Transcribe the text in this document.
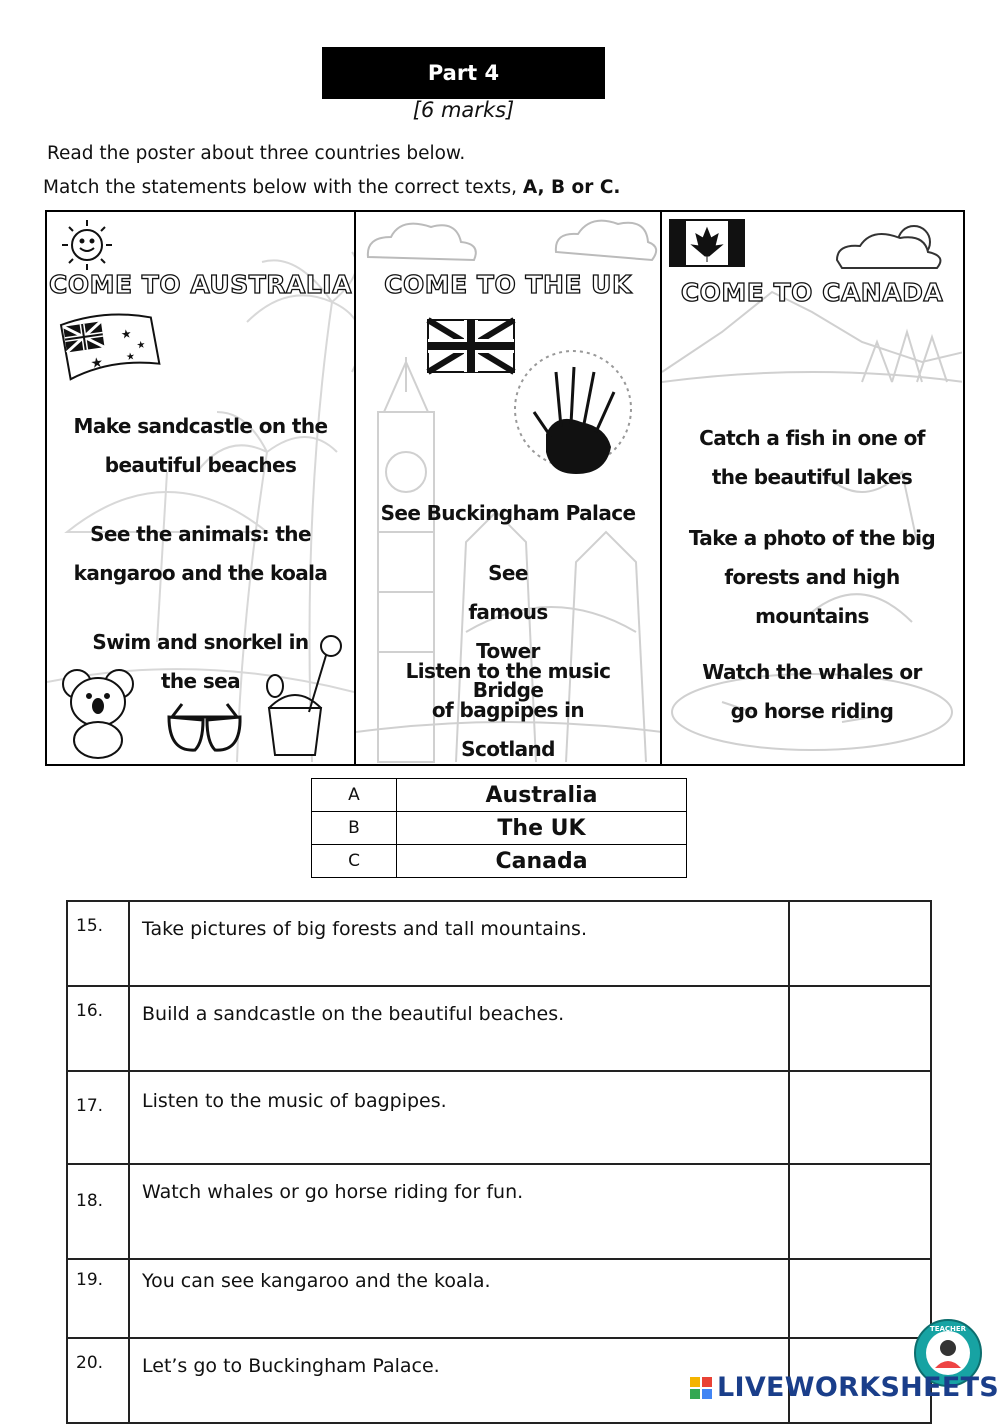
Part 4
[6 marks]
Read the poster about three countries below.
Match the statements below with the correct texts, A, B or C.
★
★
★
★
COME TO AUSTRALIA
Make sandcastle on the beautiful beaches
See the animals: the kangaroo and the koala
Swim and snorkel in the sea
COME TO THE UK
See Buckingham Palace
See famous Tower Bridge
Listen to the music of bagpipes in Scotland
COME TO CANADA
Catch a fish in one of the beautiful lakes
Take a photo of the big forests and high mountains
Watch the whales or go horse riding
A	Australia
B	The UK
C	Canada
15.	Take pictures of big forests and tall mountains.	
16.	Build a sandcastle on the beautiful beaches.	
17.	Listen to the music of bagpipes.	
18.	Watch whales or go horse riding for fun.	
19.	You can see kangaroo and the koala.	
20.	Let’s go to Buckingham Palace.	
TEACHER
LIVEWORKSHEETS
